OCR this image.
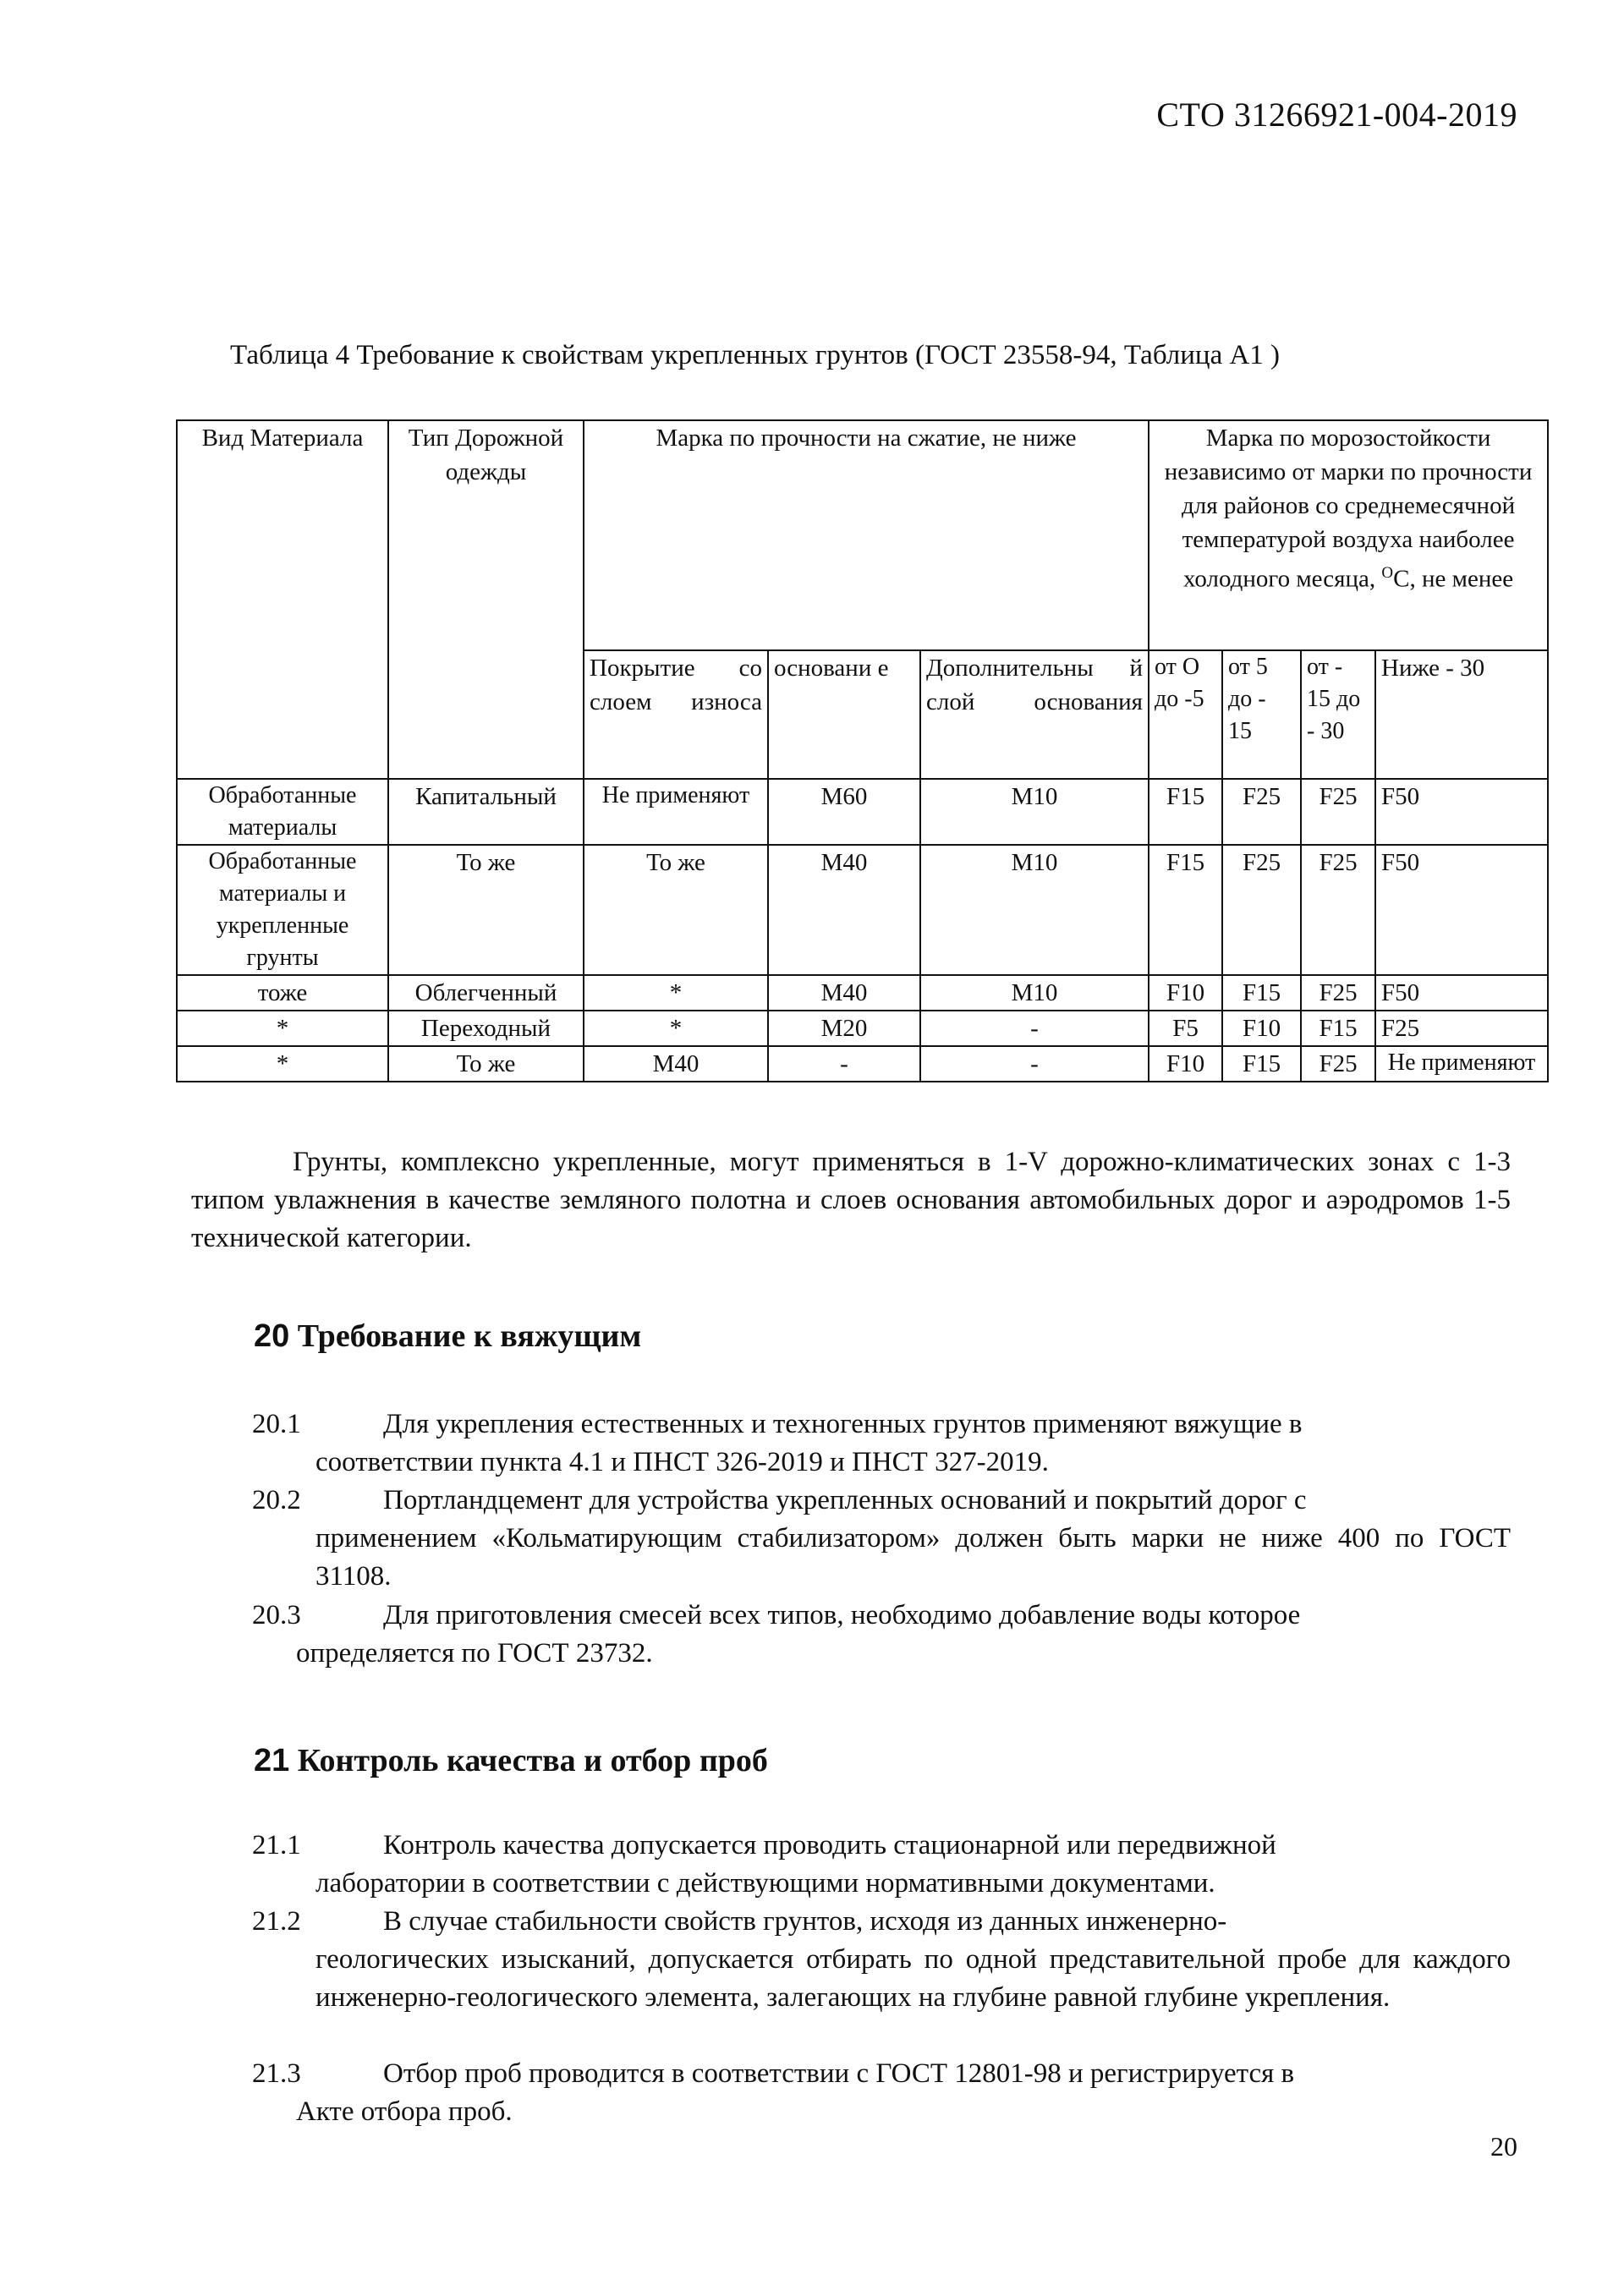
СТО 31266921-004-2019
Таблица 4 Требование к свойствам укрепленных грунтов (ГОСТ 23558-94, Таблица А1 )
Вид Материала	Тип Дорожной одежды	Марка по прочности на сжатие, не ниже			Марка по морозостойкости независимо от марки по прочности для районов со среднемесячной температурой воздуха наиболее холодного месяца, $^O$С, не менее			
		Покрытие со слоем износа	основани е	Дополнительны й слой основания	от О до -5	от 5 до - 15	от - 15 до - 30	Ниже - 30
Обработанные материалы	Капитальный	Не применяют	М60	М10	F15	F25	F25	F50
Обработанные материалы и укрепленные грунты	То же	То же	М40	М10	F15	F25	F25	F50
тоже	Облегченный	*	М40	М10	F10	F15	F25	F50
*	Переходный	*	М20	-	F5	F10	F15	F25
*	То же	М40	-	-	F10	F15	F25	Не применяют

Грунты, комплексно укрепленные, могут применяться в 1-V дорожно-климатических зонах с 1-3 типом увлажнения в качестве земляного полотна и слоев основания автомобильных дорог и аэродромов 1-5 технической категории.

20 Требование к вяжущим
20.1	Для укрепления естественных и техногенных грунтов применяют вяжущие в
соответствии пункта 4.1 и ПНСТ 326-2019 и ПНСТ 327-2019.
20.2	Портландцемент для устройства укрепленных оснований и покрытий дорог с
применением «Кольматирующим стабилизатором» должен быть марки не ниже 400 по ГОСТ 31108.
20.3	Для приготовления смесей всех типов, необходимо добавление воды которое
определяется по ГОСТ 23732.
21 Контроль качества и отбор проб
21.1	Контроль качества допускается проводить стационарной или передвижной
лаборатории в соответствии с действующими нормативными документами.
21.2	В случае стабильности свойств грунтов, исходя из данных инженерно-
геологических изысканий, допускается отбирать по одной представительной пробе для каждого инженерно-геологического элемента, залегающих на глубине равной глубине укрепления.
21.3	Отбор проб проводится в соответствии с ГОСТ 12801-98 и регистрируется в
Акте отбора проб.
20
